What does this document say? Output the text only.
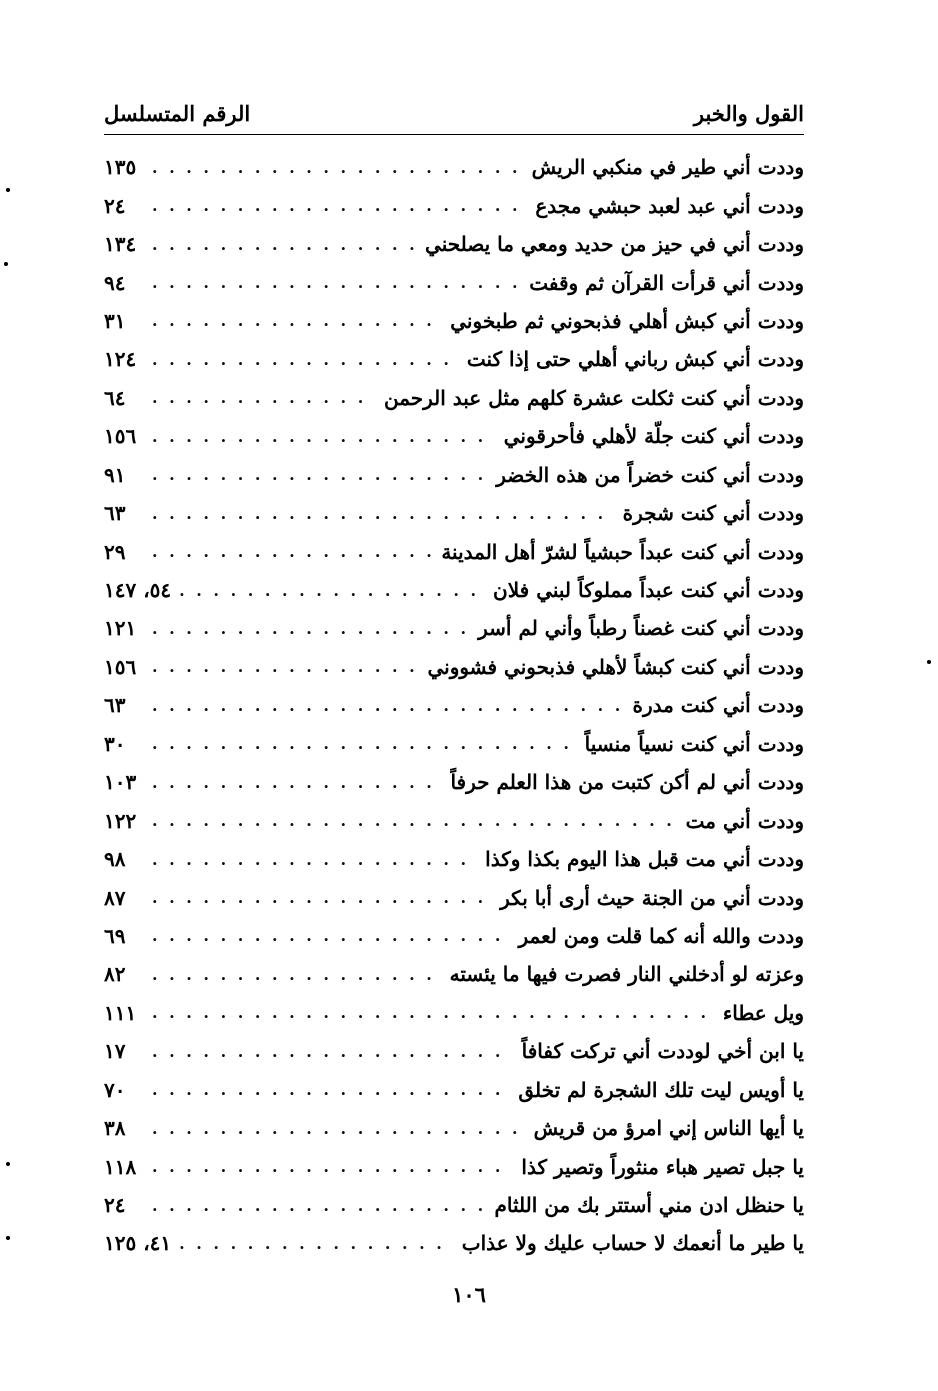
القول والخبر
الرقم المتسلسل
وددت أني طير في منكبي الريش
. . .
١٣٥
وددت أني عبد لعبد حبشي مجدع
. . .
٢٤
وددت أني في حيز من حديد ومعي ما يصلحني
. . .
١٣٤
وددت أني قرأت القرآن ثم وقفت
. . .
٩٤
وددت أني كبش أهلي فذبحوني ثم طبخوني
. . .
٣١
وددت أني كبش رباني أهلي حتى إذا كنت
. . .
١٢٤
وددت أني كنت ثكلت عشرة كلهم مثل عبد الرحمن
. . .
٦٤
وددت أني كنت جلّة لأهلي فأحرقوني
. . .
١٥٦
وددت أني كنت خضراً من هذه الخضر
. . .
٩١
وددت أني كنت شجرة
. . .
٦٣
وددت أني كنت عبداً حبشياً لشرّ أهل المدينة
. . .
٢٩
وددت أني كنت عبداً مملوكاً لبني فلان
. . .
٥٤، ١٤٧
وددت أني كنت غصناً رطباً وأني لم أسر
. . .
١٢١
وددت أني كنت كبشاً لأهلي فذبحوني فشووني
. . .
١٥٦
وددت أني كنت مدرة
. . .
٦٣
وددت أني كنت نسياً منسياً
. . .
٣٠
وددت أني لم أكن كتبت من هذا العلم حرفاً
. . .
١٠٣
وددت أني مت
. . .
١٢٢
وددت أني مت قبل هذا اليوم بكذا وكذا
. . .
٩٨
وددت أني من الجنة حيث أرى أبا بكر
. . .
٨٧
وددت والله أنه كما قلت ومن لعمر
. . .
٦٩
وعزته لو أدخلني النار فصرت فيها ما يئسته
. . .
٨٢
ويل عطاء
. . .
١١١
يا ابن أخي لوددت أني تركت كفافاً
. . .
١٧
يا أويس ليت تلك الشجرة لم تخلق
. . .
٧٠
يا أيها الناس إني امرؤ من قريش
. . .
٣٨
يا جبل تصير هباء منثوراً وتصير كذا
. . .
١١٨
يا حنظل ادن مني أستتر بك من اللثام
. . .
٢٤
يا طير ما أنعمك لا حساب عليك ولا عذاب
. . .
٤١، ١٢٥
١٠٦
